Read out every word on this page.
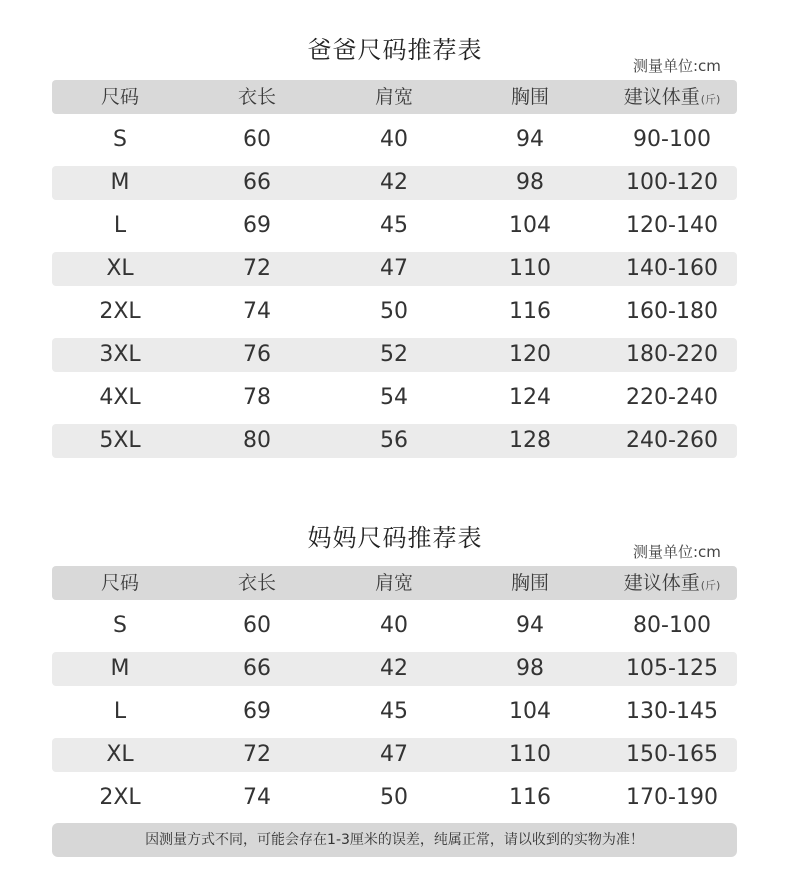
爸爸尺码推荐表
测量单位:cm
尺码	衣长	肩宽	胸围	建议体重(斤)
S	60	40	94	90-100
M	66	42	98	100-120
L	69	45	104	120-140
XL	72	47	110	140-160
2XL	74	50	116	160-180
3XL	76	52	120	180-220
4XL	78	54	124	220-240
5XL	80	56	128	240-260
妈妈尺码推荐表	测量单位:cm
尺码	衣长	肩宽	胸围	建议体重(斤)
S	60	40	94	80-100
M	66	42	98	105-125
L	69	45	104	130-145
XL	72	47	110	150-165
2XL	74	50	116	170-190
因测量方式不同，可能会存在1-3厘米的误差，纯属正常，请以收到的实物为准！
